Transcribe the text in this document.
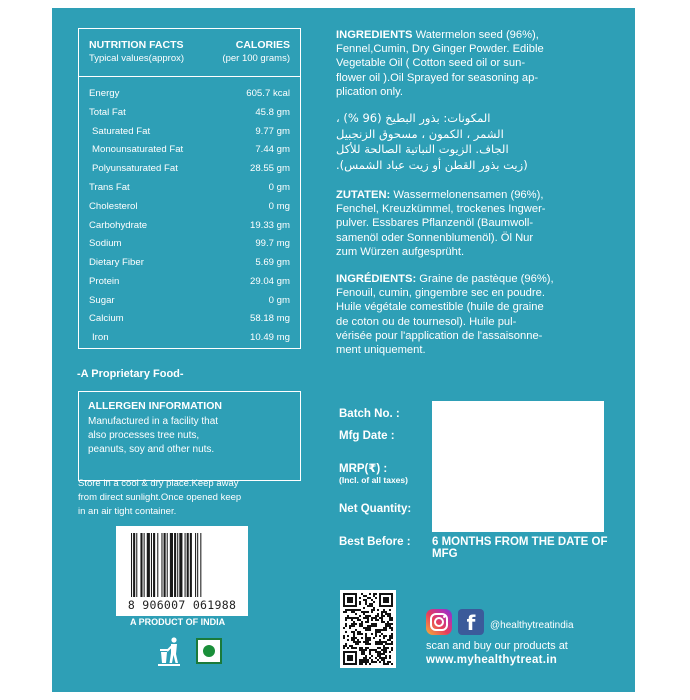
NUTRITION FACTS	CALORIES
Typical values(approx)	(per 100 grams)
Energy	605.7 kcal
Total Fat	45.8 gm
Saturated Fat	9.77 gm
Monounsaturated Fat	7.44 gm
Polyunsaturated Fat	28.55 gm
Trans Fat	0 gm
Cholesterol	0 mg
Carbohydrate	19.33 gm
Sodium	99.7 mg
Dietary Fiber	5.69 gm
Protein	29.04 gm
Sugar	0 gm
Calcium	58.18 mg
Iron	10.49 mg
-A Proprietary Food-
ALLERGEN INFORMATION
Manufactured in a facility that
also processes tree nuts,
peanuts, soy and other nuts.
Store in a cool & dry place.Keep away
from direct sunlight.Once opened keep
in an air tight container.
8 906007 061988
A PRODUCT OF INDIA
INGREDIENTS Watermelon seed (96%),
Fennel,Cumin, Dry Ginger Powder. Edible
Vegetable Oil ( Cotton seed oil or sun-
flower oil ).Oil Sprayed for seasoning ap-
plication only.
المكونات: بذور البطيخ (96 %) ،
الشمر ، الكمون ، مسحوق الزنجبيل
الجاف. الزيوت النباتية الصالحة للأكل
(زيت بذور القطن أو زيت عباد الشمس).
ZUTATEN: Wassermelonensamen (96%),
Fenchel, Kreuzkümmel, trockenes Ingwer-
pulver. Essbares Pflanzenöl (Baumwoll-
samenöl oder Sonnenblumenöl). Öl Nur
zum Würzen aufgesprüht.
INGRÉDIENTS: Graine de pastèque (96%),
Fenouil, cumin, gingembre sec en poudre.
Huile végétale comestible (huile de graine
de coton ou de tournesol). Huile pul-
vérisée pour l'application de l'assaisonne-
ment uniquement.
Batch No. :
Mfg Date :
MRP(₹) :
(Incl. of all taxes)
Net Quantity:
Best Before : 6 MONTHS FROM THE DATE OF MFG
f	@healthytreatindia
scan and buy our products at
www.myhealthytreat.in
